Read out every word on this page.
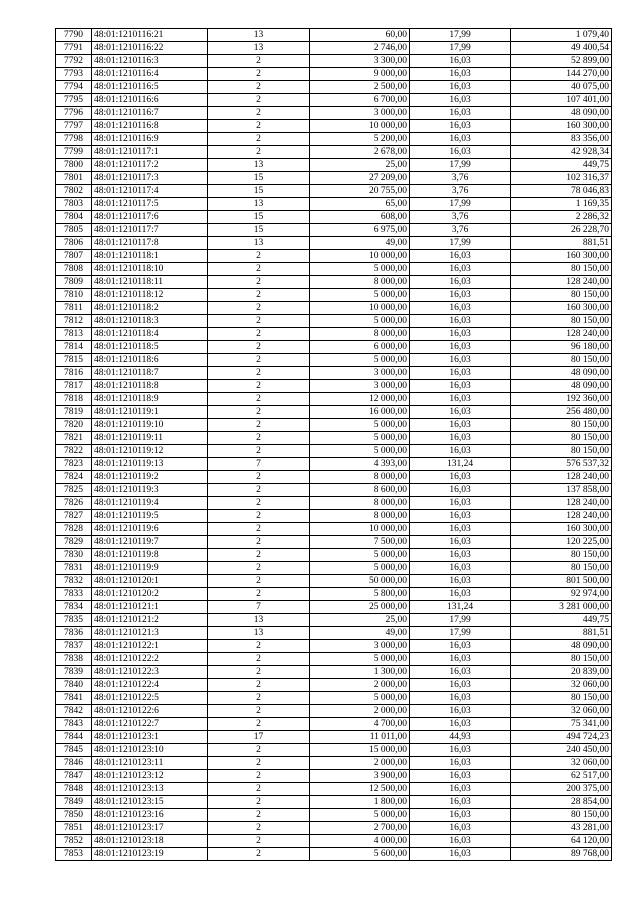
7790	48:01:1210116:21	13	60,00	17,99	1 079,40
7791	48:01:1210116:22	13	2 746,00	17,99	49 400,54
7792	48:01:1210116:3	2	3 300,00	16,03	52 899,00
7793	48:01:1210116:4	2	9 000,00	16,03	144 270,00
7794	48:01:1210116:5	2	2 500,00	16,03	40 075,00
7795	48:01:1210116:6	2	6 700,00	16,03	107 401,00
7796	48:01:1210116:7	2	3 000,00	16,03	48 090,00
7797	48:01:1210116:8	2	10 000,00	16,03	160 300,00
7798	48:01:1210116:9	2	5 200,00	16,03	83 356,00
7799	48:01:1210117:1	2	2 678,00	16,03	42 928,34
7800	48:01:1210117:2	13	25,00	17,99	449,75
7801	48:01:1210117:3	15	27 209,00	3,76	102 316,37
7802	48:01:1210117:4	15	20 755,00	3,76	78 046,83
7803	48:01:1210117:5	13	65,00	17,99	1 169,35
7804	48:01:1210117:6	15	608,00	3,76	2 286,32
7805	48:01:1210117:7	15	6 975,00	3,76	26 228,70
7806	48:01:1210117:8	13	49,00	17,99	881,51
7807	48:01:1210118:1	2	10 000,00	16,03	160 300,00
7808	48:01:1210118:10	2	5 000,00	16,03	80 150,00
7809	48:01:1210118:11	2	8 000,00	16,03	128 240,00
7810	48:01:1210118:12	2	5 000,00	16,03	80 150,00
7811	48:01:1210118:2	2	10 000,00	16,03	160 300,00
7812	48:01:1210118:3	2	5 000,00	16,03	80 150,00
7813	48:01:1210118:4	2	8 000,00	16,03	128 240,00
7814	48:01:1210118:5	2	6 000,00	16,03	96 180,00
7815	48:01:1210118:6	2	5 000,00	16,03	80 150,00
7816	48:01:1210118:7	2	3 000,00	16,03	48 090,00
7817	48:01:1210118:8	2	3 000,00	16,03	48 090,00
7818	48:01:1210118:9	2	12 000,00	16,03	192 360,00
7819	48:01:1210119:1	2	16 000,00	16,03	256 480,00
7820	48:01:1210119:10	2	5 000,00	16,03	80 150,00
7821	48:01:1210119:11	2	5 000,00	16,03	80 150,00
7822	48:01:1210119:12	2	5 000,00	16,03	80 150,00
7823	48:01:1210119:13	7	4 393,00	131,24	576 537,32
7824	48:01:1210119:2	2	8 000,00	16,03	128 240,00
7825	48:01:1210119:3	2	8 600,00	16,03	137 858,00
7826	48:01:1210119:4	2	8 000,00	16,03	128 240,00
7827	48:01:1210119:5	2	8 000,00	16,03	128 240,00
7828	48:01:1210119:6	2	10 000,00	16,03	160 300,00
7829	48:01:1210119:7	2	7 500,00	16,03	120 225,00
7830	48:01:1210119:8	2	5 000,00	16,03	80 150,00
7831	48:01:1210119:9	2	5 000,00	16,03	80 150,00
7832	48:01:1210120:1	2	50 000,00	16,03	801 500,00
7833	48:01:1210120:2	2	5 800,00	16,03	92 974,00
7834	48:01:1210121:1	7	25 000,00	131,24	3 281 000,00
7835	48:01:1210121:2	13	25,00	17,99	449,75
7836	48:01:1210121:3	13	49,00	17,99	881,51
7837	48:01:1210122:1	2	3 000,00	16,03	48 090,00
7838	48:01:1210122:2	2	5 000,00	16,03	80 150,00
7839	48:01:1210122:3	2	1 300,00	16,03	20 839,00
7840	48:01:1210122:4	2	2 000,00	16,03	32 060,00
7841	48:01:1210122:5	2	5 000,00	16,03	80 150,00
7842	48:01:1210122:6	2	2 000,00	16,03	32 060,00
7843	48:01:1210122:7	2	4 700,00	16,03	75 341,00
7844	48:01:1210123:1	17	11 011,00	44,93	494 724,23
7845	48:01:1210123:10	2	15 000,00	16,03	240 450,00
7846	48:01:1210123:11	2	2 000,00	16,03	32 060,00
7847	48:01:1210123:12	2	3 900,00	16,03	62 517,00
7848	48:01:1210123:13	2	12 500,00	16,03	200 375,00
7849	48:01:1210123:15	2	1 800,00	16,03	28 854,00
7850	48:01:1210123:16	2	5 000,00	16,03	80 150,00
7851	48:01:1210123:17	2	2 700,00	16,03	43 281,00
7852	48:01:1210123:18	2	4 000,00	16,03	64 120,00
7853	48:01:1210123:19	2	5 600,00	16,03	89 768,00
